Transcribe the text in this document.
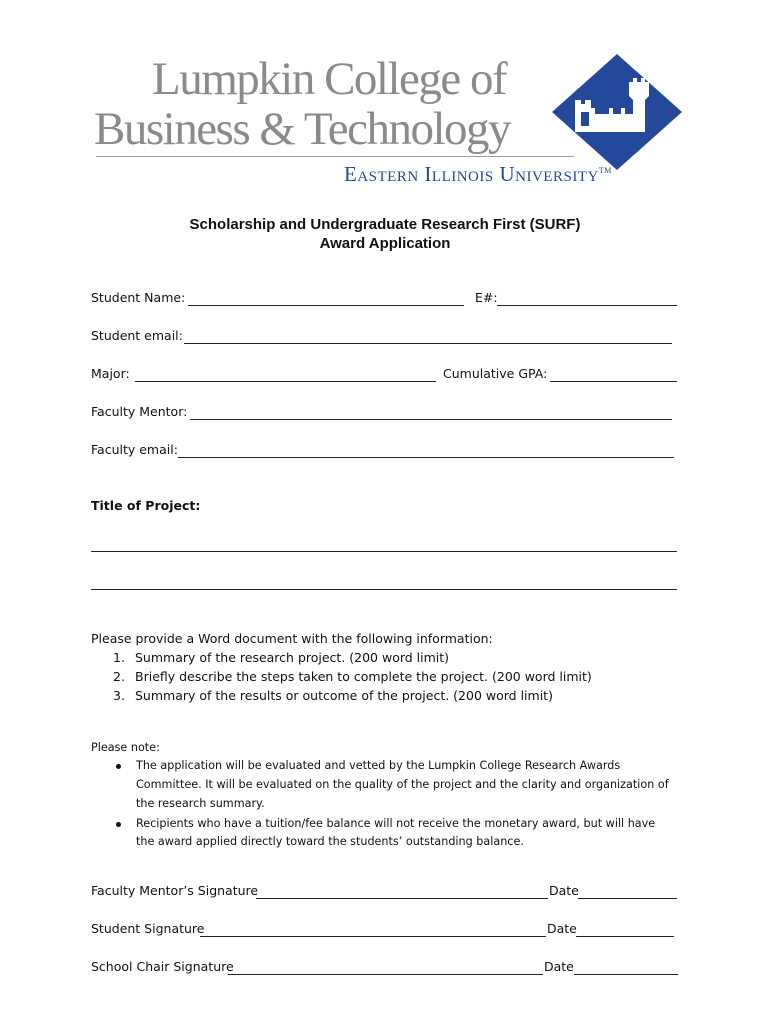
Lumpkin College of
Business & Technology
Eastern Illinois University™
Scholarship and Undergraduate Research First (SURF)
Award Application
Student Name:	E#:
Student email:
Major:	Cumulative GPA:
Faculty Mentor:
Faculty email:
Title of Project:
Please provide a Word document with the following information:
1. Summary of the research project. (200 word limit)
2. Briefly describe the steps taken to complete the project. (200 word limit)
3. Summary of the results or outcome of the project. (200 word limit)
Please note:
The application will be evaluated and vetted by the Lumpkin College Research Awards
Committee. It will be evaluated on the quality of the project and the clarity and organization of
the research summary.
Recipients who have a tuition/fee balance will not receive the monetary award, but will have
the award applied directly toward the students’ outstanding balance.
Faculty Mentor’s Signature	Date
Student Signature	Date
School Chair Signature	Date
